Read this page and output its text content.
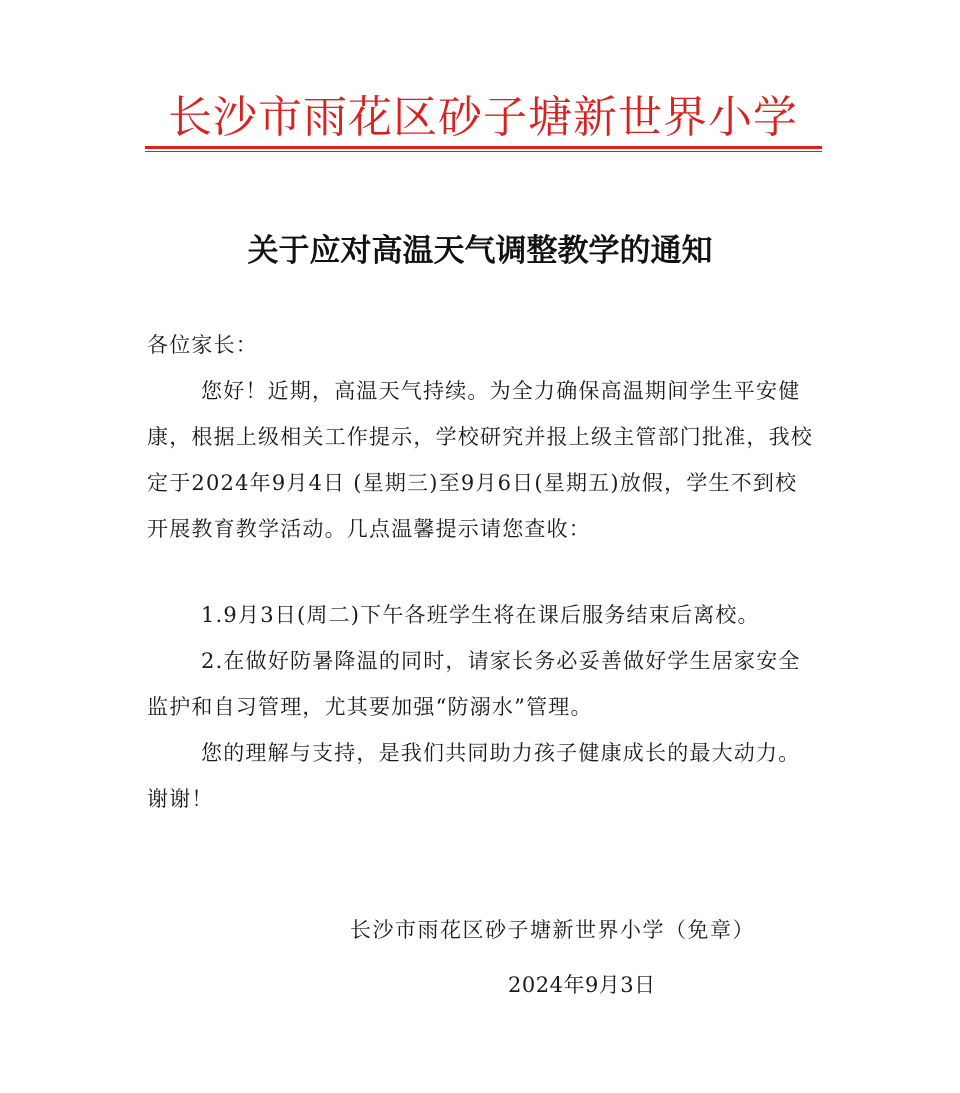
长沙市雨花区砂子塘新世界小学
关于应对高温天气调整教学的通知

各位家长：

您好！近期，高温天气持续。为全力确保高温期间学生平安健康，根据上级相关工作提示，学校研究并报上级主管部门批准，我校定于2024年9月4日 (星期三)至9月6日(星期五)放假，学生不到校开展教育教学活动。几点温馨提示请您查收：

1.9月3日(周二)下午各班学生将在课后服务结束后离校。

2.在做好防暑降温的同时，请家长务必妥善做好学生居家安全监护和自习管理，尤其要加强“防溺水”管理。

您的理解与支持，是我们共同助力孩子健康成长的最大动力。谢谢！

长沙市雨花区砂子塘新世界小学（免章）
2024年9月3日
